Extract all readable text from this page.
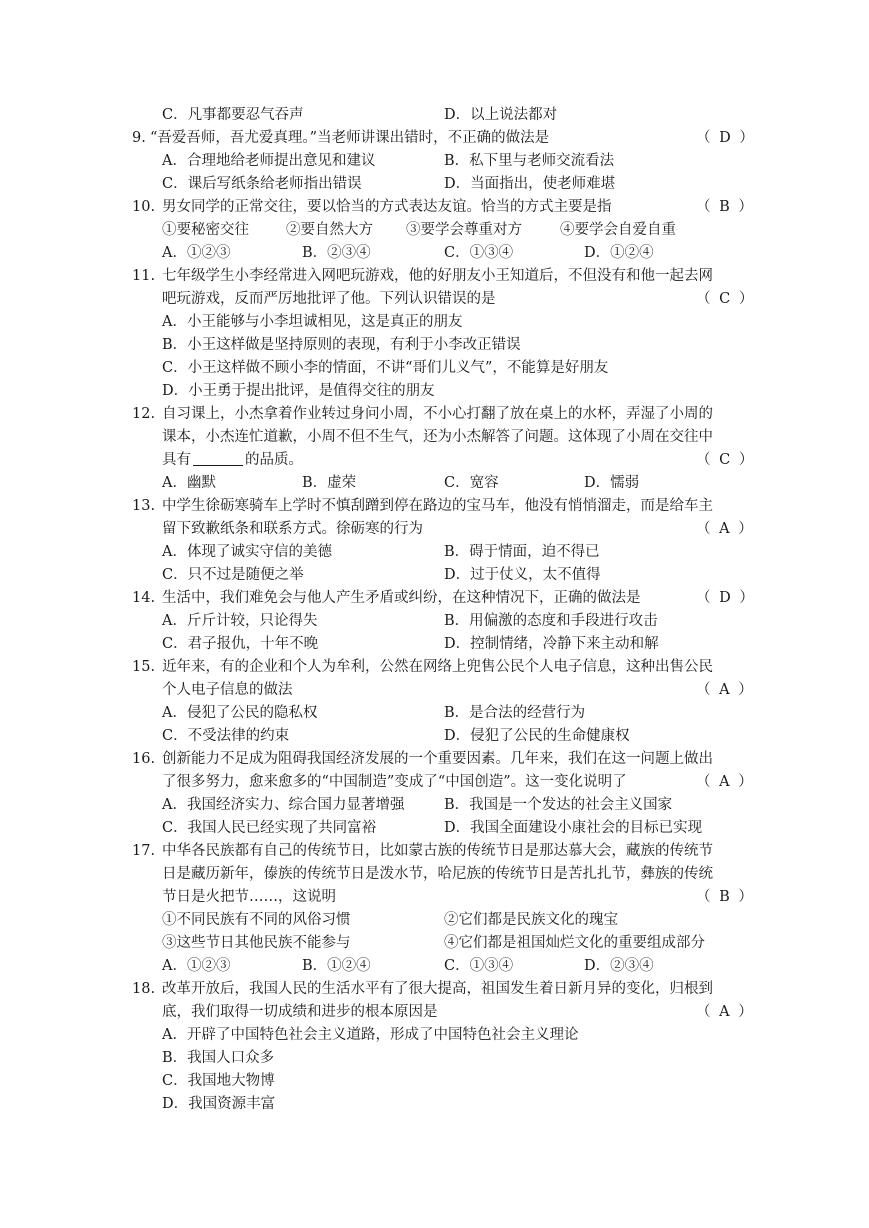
C．凡事都要忍气吞声	D．以上说法都对
9. “吾爱吾师，吾尤爱真理。”当老师讲课出错时，不正确的做法是	（ D ）
A．合理地给老师提出意见和建议	B．私下里与老师交流看法
C．课后写纸条给老师指出错误	D．当面指出，使老师难堪
10. 男女同学的正常交往，要以恰当的方式表达友谊。恰当的方式主要是指	（ B ）
①要秘密交往	②要自然大方 ③要学会尊重对方	④要学会自爱自重
A．①②③	B．②③④	C．①③④	D．①②④
11. 七年级学生小李经常进入网吧玩游戏，他的好朋友小王知道后，不但没有和他一起去网
吧玩游戏，反而严厉地批评了他。下列认识错误的是	（ C ）
A．小王能够与小李坦诚相见，这是真正的朋友
B．小王这样做是坚持原则的表现，有利于小李改正错误
C．小王这样做不顾小李的情面，不讲“哥们儿义气”，不能算是好朋友
D．小王勇于提出批评，是值得交往的朋友
12. 自习课上，小杰拿着作业转过身问小周，不小心打翻了放在桌上的水杯，弄湿了小周的
课本，小杰连忙道歉，小周不但不生气，还为小杰解答了问题。这体现了小周在交往中
具有	的品质。	（ C ）
A．幽默	B．虚荣	C．宽容	D．懦弱
13. 中学生徐砺寒骑车上学时不慎刮蹭到停在路边的宝马车，他没有悄悄溜走，而是给车主
留下致歉纸条和联系方式。徐砺寒的行为	（ A ）
A．体现了诚实守信的美德	B．碍于情面，迫不得已
C．只不过是随便之举	D．过于仗义，太不值得
14. 生活中，我们难免会与他人产生矛盾或纠纷，在这种情况下，正确的做法是	（ D ）
A．斤斤计较，只论得失	B．用偏激的态度和手段进行攻击
C．君子报仇，十年不晚	D．控制情绪，冷静下来主动和解
15. 近年来，有的企业和个人为牟利，公然在网络上兜售公民个人电子信息，这种出售公民
个人电子信息的做法	（ A ）
A．侵犯了公民的隐私权	B．是合法的经营行为
C．不受法律的约束	D．侵犯了公民的生命健康权
16. 创新能力不足成为阻碍我国经济发展的一个重要因素。几年来，我们在这一问题上做出
了很多努力，愈来愈多的“中国制造”变成了“中国创造”。这一变化说明了	（ A ）
A．我国经济实力、综合国力显著增强	B．我国是一个发达的社会主义国家
C．我国人民已经实现了共同富裕	D．我国全面建设小康社会的目标已实现
17. 中华各民族都有自己的传统节日，比如蒙古族的传统节日是那达慕大会，藏族的传统节
日是藏历新年，傣族的传统节日是泼水节，哈尼族的传统节日是苦扎扎节，彝族的传统
节日是火把节……，这说明	（ B ）
①不同民族有不同的风俗习惯	②它们都是民族文化的瑰宝
③这些节日其他民族不能参与	④它们都是祖国灿烂文化的重要组成部分
A．①②③	B．①②④	C．①③④	D．②③④
18. 改革开放后，我国人民的生活水平有了很大提高，祖国发生着日新月异的变化，归根到
底，我们取得一切成绩和进步的根本原因是	（ A ）
A．开辟了中国特色社会主义道路，形成了中国特色社会主义理论
B．我国人口众多
C．我国地大物博
D．我国资源丰富
